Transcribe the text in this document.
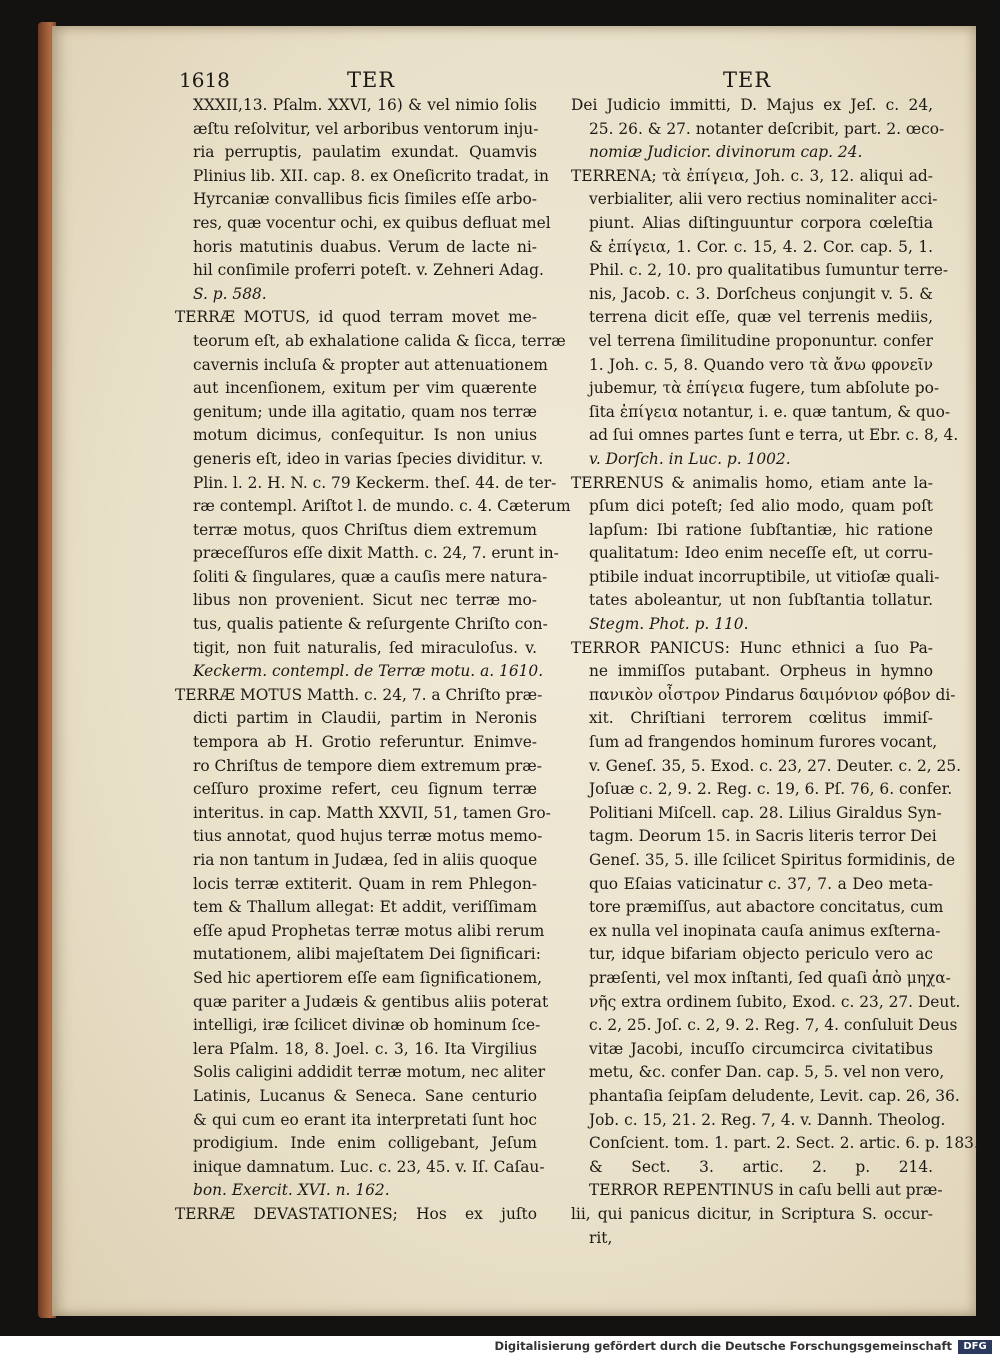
1618	TER	TER
XXXII,13. Pſalm. XXVI, 16) & vel nimio ſolis
æſtu reſolvitur, vel arboribus ventorum inju-
ria perruptis, paulatim exundat. Quamvis
Plinius lib. XII. cap. 8. ex Oneſicrito tradat, in
Hyrcaniæ convallibus ficis ſimiles eſſe arbo-
res, quæ vocentur ochi, ex quibus defluat mel
horis matutinis duabus. Verum de lacte ni-
hil conſimile proferri poteſt. v. Zehneri Adag.
S. p. 588.
TERRÆ MOTUS, id quod terram movet me-
teorum eſt, ab exhalatione calida & ſicca, terræ
cavernis incluſa & propter aut attenuationem
aut incenſionem, exitum per vim quærente
genitum; unde illa agitatio, quam nos terræ
motum dicimus, conſequitur. Is non unius
generis eſt, ideo in varias ſpecies dividitur. v.
Plin. l. 2. H. N. c. 79 Keckerm. theſ. 44. de ter-
ræ contempl. Ariſtot l. de mundo. c. 4. Cæterum
terræ motus, quos Chriſtus diem extremum
præceſſuros eſſe dixit Matth. c. 24, 7. erunt in-
ſoliti & ſingulares, quæ a cauſis mere natura-
libus non provenient. Sicut nec terræ mo-
tus, qualis patiente & reſurgente Chriſto con-
tigit, non fuit naturalis, ſed miraculoſus. v.
Keckerm. contempl. de Terræ motu. a. 1610.
TERRÆ MOTUS Matth. c. 24, 7. a Chriſto præ-
dicti partim in Claudii, partim in Neronis
tempora ab H. Grotio referuntur. Enimve-
ro Chriſtus de tempore diem extremum præ-
ceſſuro proxime refert, ceu ſignum terræ
interitus. in cap. Matth XXVII, 51, tamen Gro-
tius annotat, quod hujus terræ motus memo-
ria non tantum in Judæa, ſed in aliis quoque
locis terræ extiterit. Quam in rem Phlegon-
tem & Thallum allegat: Et addit, veriſſimam
eſſe apud Prophetas terræ motus alibi rerum
mutationem, alibi majeſtatem Dei ſignificari:
Sed hic apertiorem eſſe eam ſignificationem,
quæ pariter a Judæis & gentibus aliis poterat
intelligi, iræ ſcilicet divinæ ob hominum ſce-
lera Pſalm. 18, 8. Joel. c. 3, 16. Ita Virgilius
Solis caligini addidit terræ motum, nec aliter
Latinis, Lucanus & Seneca. Sane centurio
& qui cum eo erant ita interpretati ſunt hoc
prodigium. Inde enim colligebant, Jeſum
inique damnatum. Luc. c. 23, 45. v. Iſ. Caſau-
bon. Exercit. XVI. n. 162.
TERRÆ DEVASTATIONES; Hos ex juſto
Dei Judicio immitti, D. Majus ex Jeſ. c. 24,
25. 26. & 27. notanter deſcribit, part. 2. œco-
nomiæ Judicior. divinorum cap. 24.
TERRENA; τὰ ἐπίγεια, Joh. c. 3, 12. aliqui ad-
verbialiter, alii vero rectius nominaliter acci-
piunt. Alias diſtinguuntur corpora cœleſtia
& ἐπίγεια, 1. Cor. c. 15, 4. 2. Cor. cap. 5, 1.
Phil. c. 2, 10. pro qualitatibus ſumuntur terre-
nis, Jacob. c. 3. Dorſcheus conjungit v. 5. &
terrena dicit eſſe, quæ vel terrenis mediis,
vel terrena ſimilitudine proponuntur. confer
1. Joh. c. 5, 8. Quando vero τὰ ἄνω φρονεῖν
jubemur, τὰ ἐπίγεια fugere, tum abſolute po-
ſita ἐπίγεια notantur, i. e. quæ tantum, & quo-
ad ſui omnes partes ſunt e terra, ut Ebr. c. 8, 4.
v. Dorſch. in Luc. p. 1002.
TERRENUS & animalis homo, etiam ante la-
pſum dici poteſt; ſed alio modo, quam poſt
lapſum: Ibi ratione ſubſtantiæ, hic ratione
qualitatum: Ideo enim neceſſe eſt, ut corru-
ptibile induat incorruptibile, ut vitioſæ quali-
tates aboleantur, ut non ſubſtantia tollatur.
Stegm. Phot. p. 110.
TERROR PANICUS: Hunc ethnici a ſuo Pa-
ne immiſſos putabant. Orpheus in hymno
πανικὸν οἶστρον Pindarus δαιμόνιον φόβον di-
xit. Chriſtiani terrorem cœlitus immiſ-
ſum ad frangendos hominum furores vocant,
v. Geneſ. 35, 5. Exod. c. 23, 27. Deuter. c. 2, 25.
Joſuæ c. 2, 9. 2. Reg. c. 19, 6. Pſ. 76, 6. confer.
Politiani Miſcell. cap. 28. Lilius Giraldus Syn-
tagm. Deorum 15. in Sacris literis terror Dei
Geneſ. 35, 5. ille ſcilicet Spiritus formidinis, de
quo Eſaias vaticinatur c. 37, 7. a Deo meta-
tore præmiſſus, aut abactore concitatus, cum
ex nulla vel inopinata cauſa animus exſterna-
tur, idque bifariam objecto periculo vero ac
præſenti, vel mox inſtanti, ſed quaſi ἀπὸ μηχα-
νῆς extra ordinem ſubito, Exod. c. 23, 27. Deut.
c. 2, 25. Joſ. c. 2, 9. 2. Reg. 7, 4. conſuluit Deus
vitæ Jacobi, incuſſo circumcirca civitatibus
metu, &c. confer Dan. cap. 5, 5. vel non vero,
phantaſia ſeipſam deludente, Levit. cap. 26, 36.
Job. c. 15, 21. 2. Reg. 7, 4. v. Dannh. Theolog.
Conſcient. tom. 1. part. 2. Sect. 2. artic. 6. p. 183.
& Sect. 3. artic. 2. p. 214.
TERROR REPENTINUS in caſu belli aut præ-
lii, qui panicus dicitur, in Scriptura S. occur-
rit,
Digitalisierung gefördert durch die Deutsche Forschungsgemeinschaft	DFG
